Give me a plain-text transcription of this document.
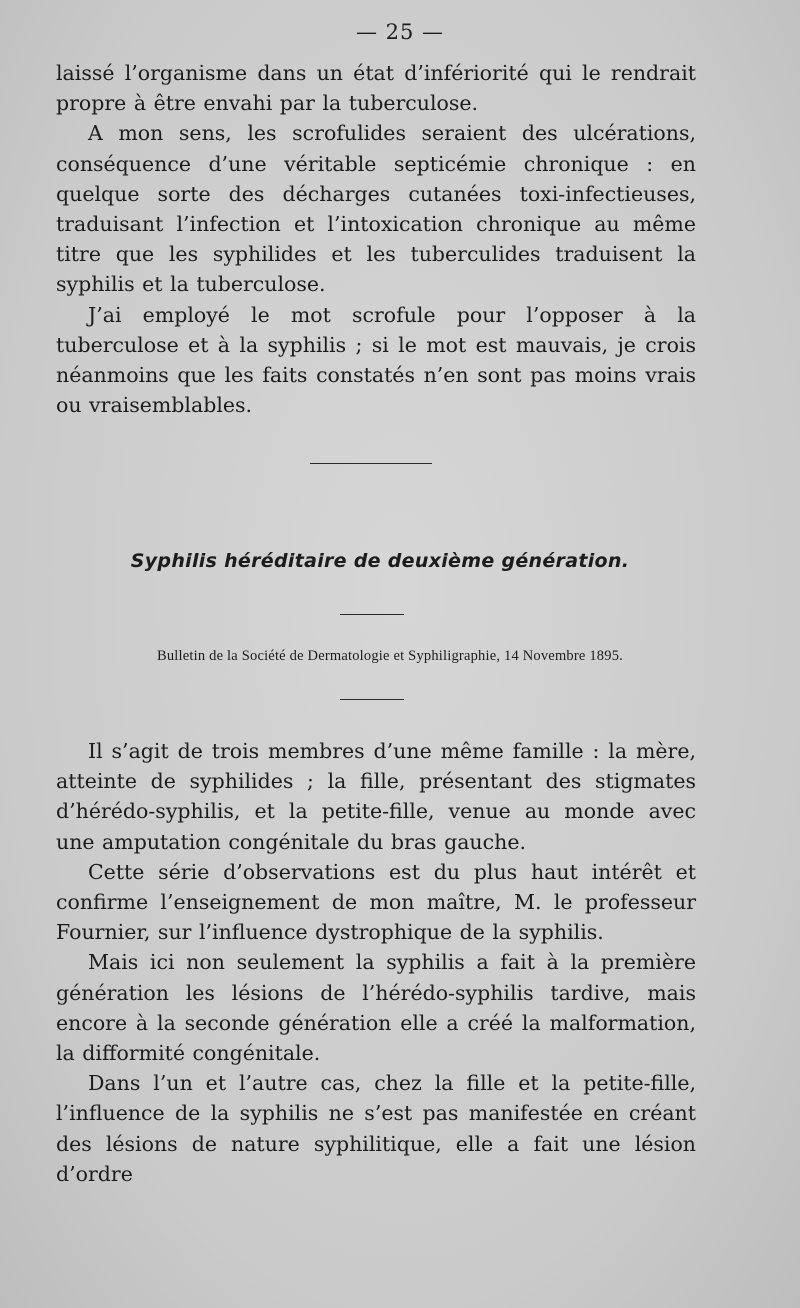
— 25 —

laissé l’organisme dans un état d’infériorité qui le rendrait propre à être envahi par la tuberculose.

A mon sens, les scrofulides seraient des ulcérations, conséquence d’une véritable septicémie chronique : en quelque sorte des décharges cutanées toxi-infectieuses, traduisant l’infection et l’intoxication chronique au même titre que les syphilides et les tuberculides traduisent la syphilis et la tuberculose.

J’ai employé le mot scrofule pour l’opposer à la tuberculose et à la syphilis ; si le mot est mauvais, je crois néanmoins que les faits constatés n’en sont pas moins vrais ou vraisemblables.

Syphilis héréditaire de deuxième génération.
Bulletin de la Société de Dermatologie et Syphiligraphie, 14 Novembre 1895.

Il s’agit de trois membres d’une même famille : la mère, atteinte de syphilides ; la fille, présentant des stigmates d’hérédo-syphilis, et la petite-fille, venue au monde avec une amputation congénitale du bras gauche.

Cette série d’observations est du plus haut intérêt et confirme l’enseignement de mon maître, M. le professeur Fournier, sur l’influence dystrophique de la syphilis.

Mais ici non seulement la syphilis a fait à la première génération les lésions de l’hérédo-syphilis tardive, mais encore à la seconde génération elle a créé la malformation, la difformité congénitale.

Dans l’un et l’autre cas, chez la fille et la petite-fille, l’influence de la syphilis ne s’est pas manifestée en créant des lésions de nature syphilitique, elle a fait une lésion d’ordre
